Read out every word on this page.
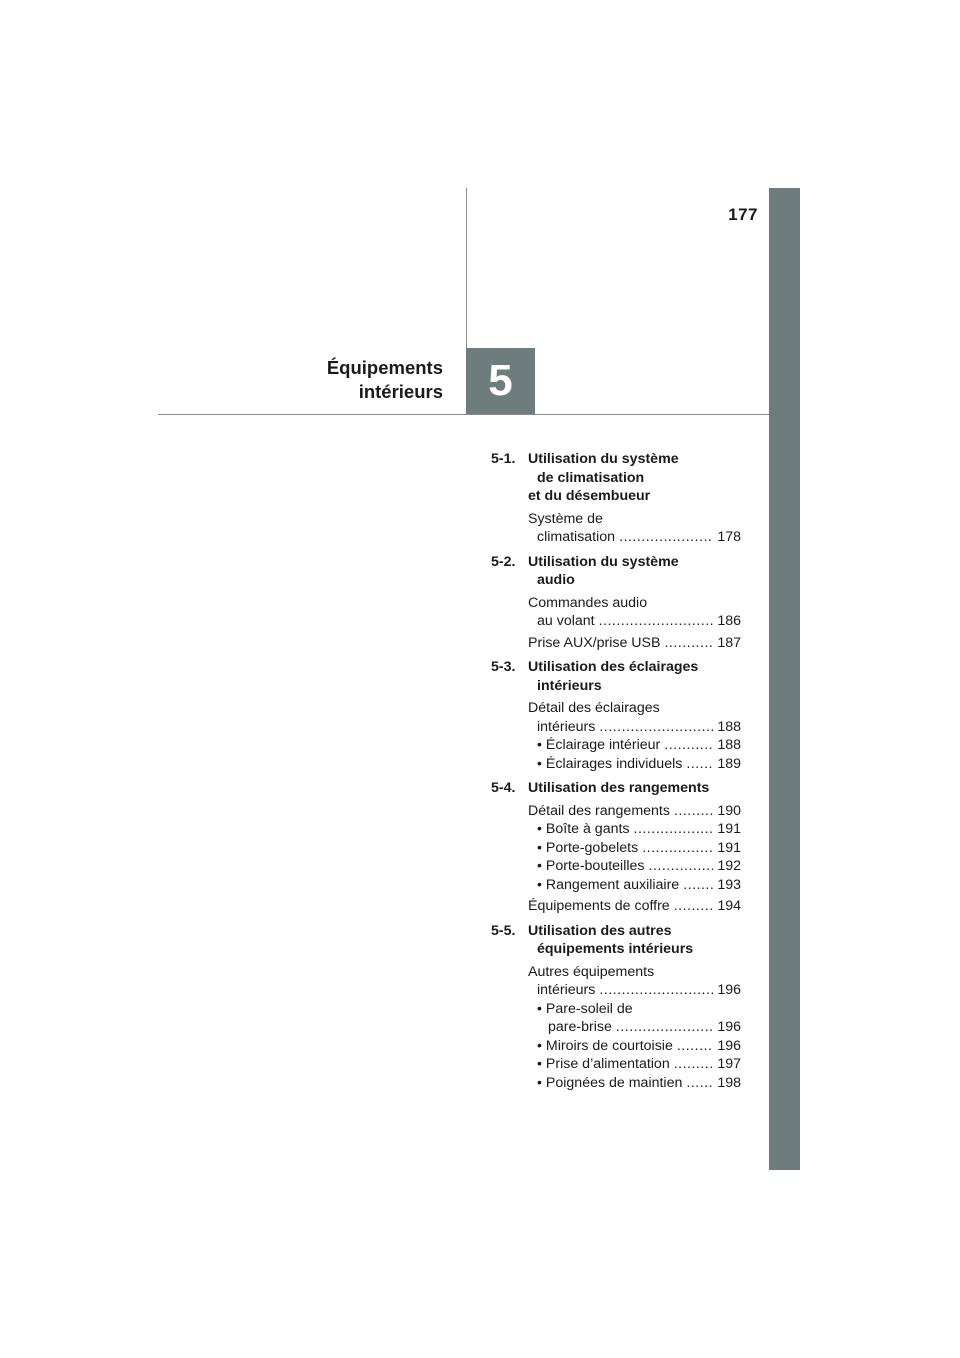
177
Équipements
intérieurs	5
5-1. Utilisation du système
de climatisation
et du désembueur
Système de
climatisation .....	178
5-2. Utilisation du système
audio
Commandes audio
au volant .....	186
Prise AUX/prise USB .....	187
5-3. Utilisation des éclairages
intérieurs
Détail des éclairages
intérieurs .....	188
• Éclairage intérieur .....	188
• Éclairages individuels ..... 189
5-4. Utilisation des rangements
Détail des rangements .....	190
• Boîte à gants .....	191
• Porte-gobelets .....	191
• Porte-bouteilles .....	192
• Rangement auxiliaire .....	193
Équipements de coffre .....	194
5-5. Utilisation des autres
équipements intérieurs
Autres équipements
intérieurs .....	196
• Pare-soleil de
pare-brise .....	196
• Miroirs de courtoisie .....	196
• Prise d’alimentation .....	197
• Poignées de maintien ..... 198
